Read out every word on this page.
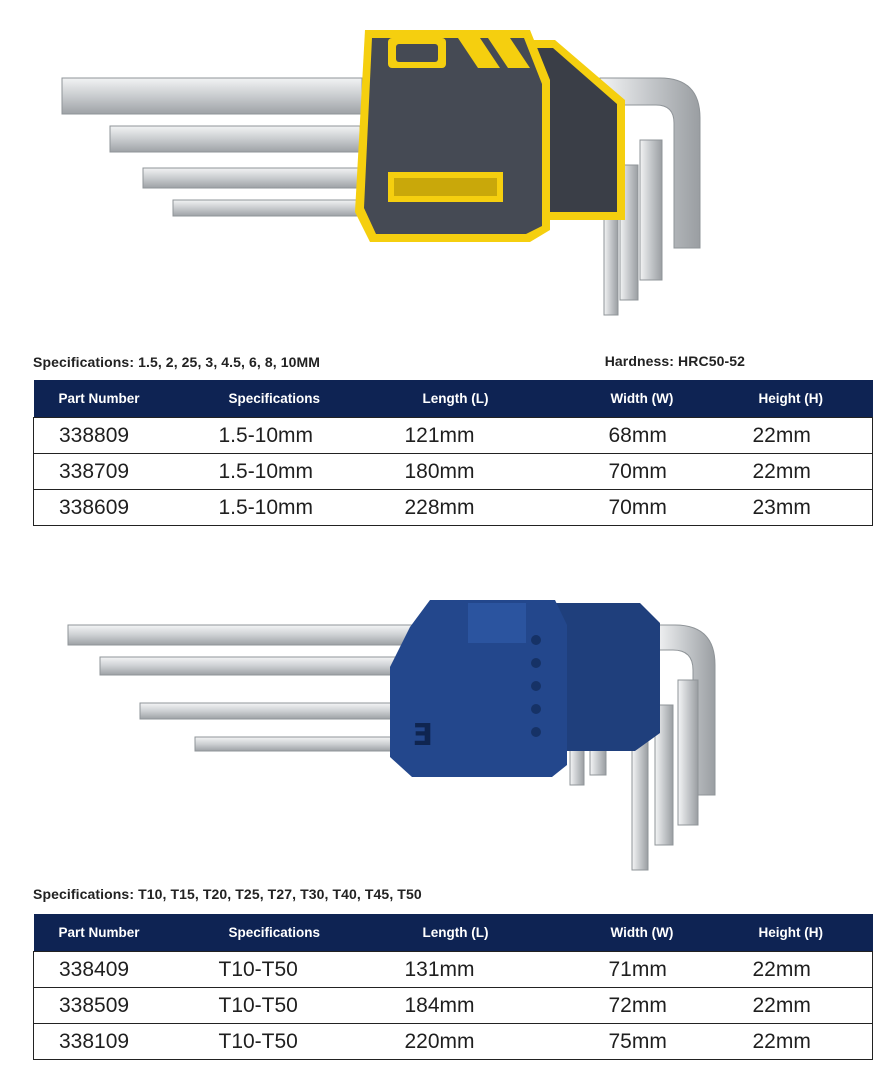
Specifications: 1.5, 2, 25, 3, 4.5, 6, 8, 10MM	Hardness: HRC50-52
Part Number	Specifications	Length (L)	Width (W)	Height (H)
338809	1.5-10mm	121mm	68mm	22mm
338709	1.5-10mm	180mm	70mm	22mm
338609	1.5-10mm	228mm	70mm	23mm
Ǝ
Specifications: T10, T15, T20, T25, T27, T30, T40, T45, T50
Part Number	Specifications	Length (L)	Width (W)	Height (H)
338409	T10-T50	131mm	71mm	22mm
338509	T10-T50	184mm	72mm	22mm
338109	T10-T50	220mm	75mm	22mm
